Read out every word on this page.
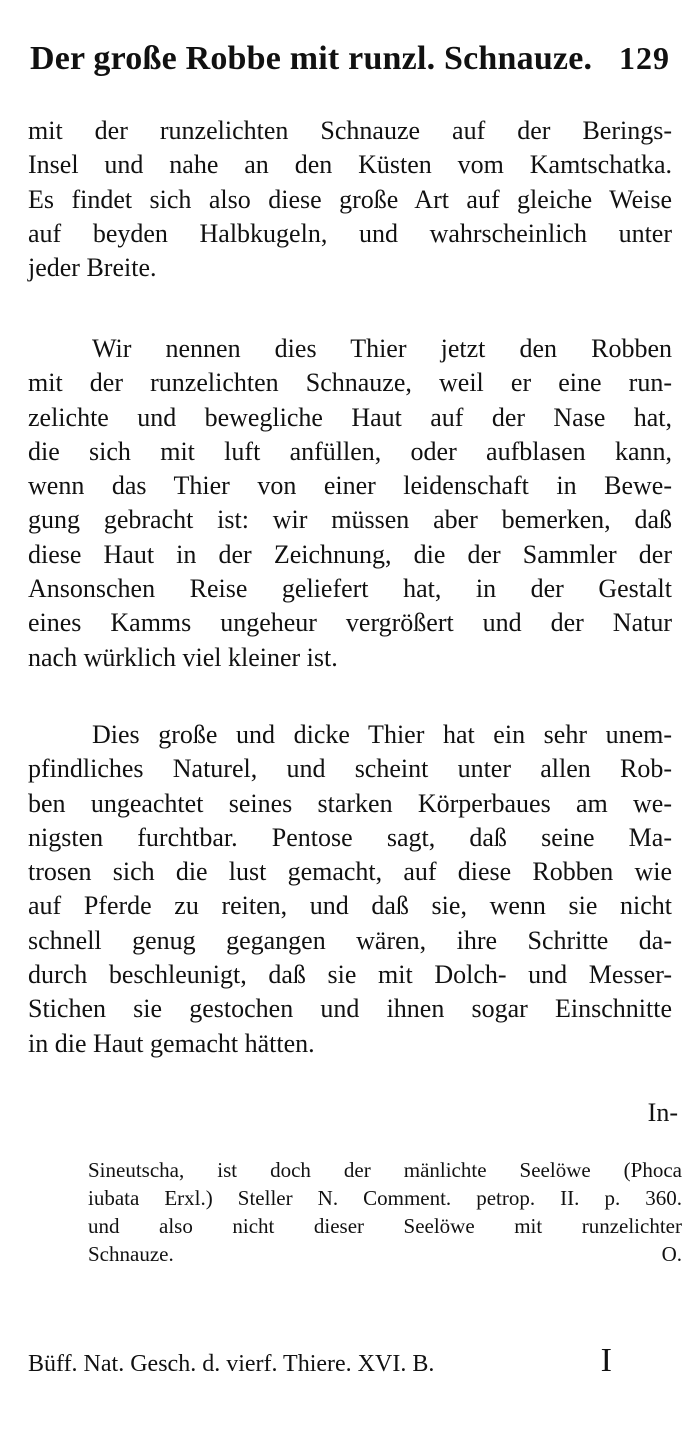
Der große Robbe mit runzl. Schnauze. 129

mit der runzelichten Schnauze auf der Berings-
Insel und nahe an den Küsten vom Kamtschatka.
Es findet sich also diese große Art auf gleiche Weise
auf beyden Halbkugeln, und wahrscheinlich unter
jeder Breite.

Wir nennen dies Thier jetzt den Robben
mit der runzelichten Schnauze, weil er eine run-
zelichte und bewegliche Haut auf der Nase hat,
die sich mit luft anfüllen, oder aufblasen kann,
wenn das Thier von einer leidenschaft in Bewe-
gung gebracht ist: wir müssen aber bemerken, daß
diese Haut in der Zeichnung, die der Sammler der
Ansonschen Reise geliefert hat, in der Gestalt
eines Kamms ungeheur vergrößert und der Natur
nach würklich viel kleiner ist.

Dies große und dicke Thier hat ein sehr unem-
pfindliches Naturel, und scheint unter allen Rob-
ben ungeachtet seines starken Körperbaues am we-
nigsten furchtbar. Pentose sagt, daß seine Ma-
trosen sich die lust gemacht, auf diese Robben wie
auf Pferde zu reiten, und daß sie, wenn sie nicht
schnell genug gegangen wären, ihre Schritte da-
durch beschleunigt, daß sie mit Dolch- und Messer-
Stichen sie gestochen und ihnen sogar Einschnitte
in die Haut gemacht hätten.

In-

Sineutscha, ist doch der mänlichte Seelöwe (Phoca
iubata Erxl.) Steller N. Comment. petrop. II. p. 360.
und also nicht dieser Seelöwe mit runzelichter
Schnauze. O.

Büff. Nat. Gesch. d. vierf. Thiere. XVI. B.	I
